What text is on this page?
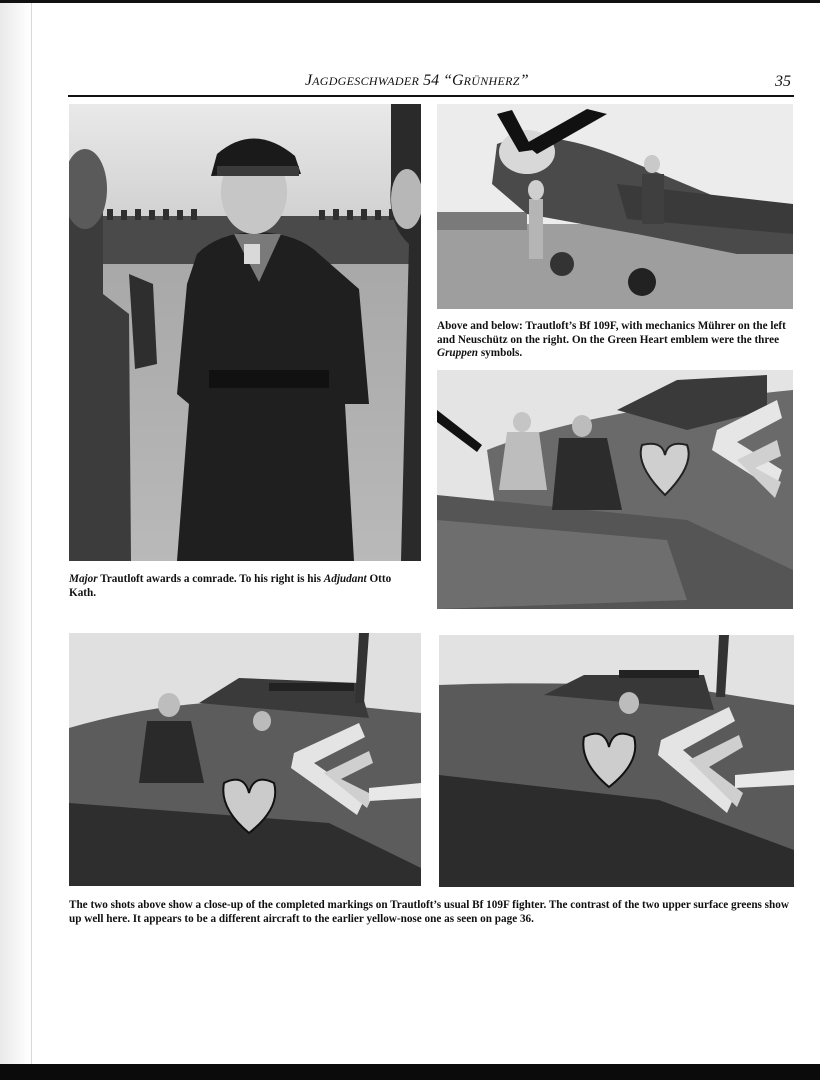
JAGDGESCHWADER 54 “GRÜNHERZ”	35
Major Trautloft awards a comrade. To his right is his Adjudant Otto Kath.
Above and below: Trautloft’s Bf 109F, with mechanics Mührer on the left and Neuschütz on the right. On the Green Heart emblem were the three Gruppen symbols.
The two shots above show a close-up of the completed markings on Trautloft’s usual Bf 109F fighter. The contrast of the two upper surface greens show up well here. It appears to be a different aircraft to the earlier yellow-nose one as seen on page 36.
